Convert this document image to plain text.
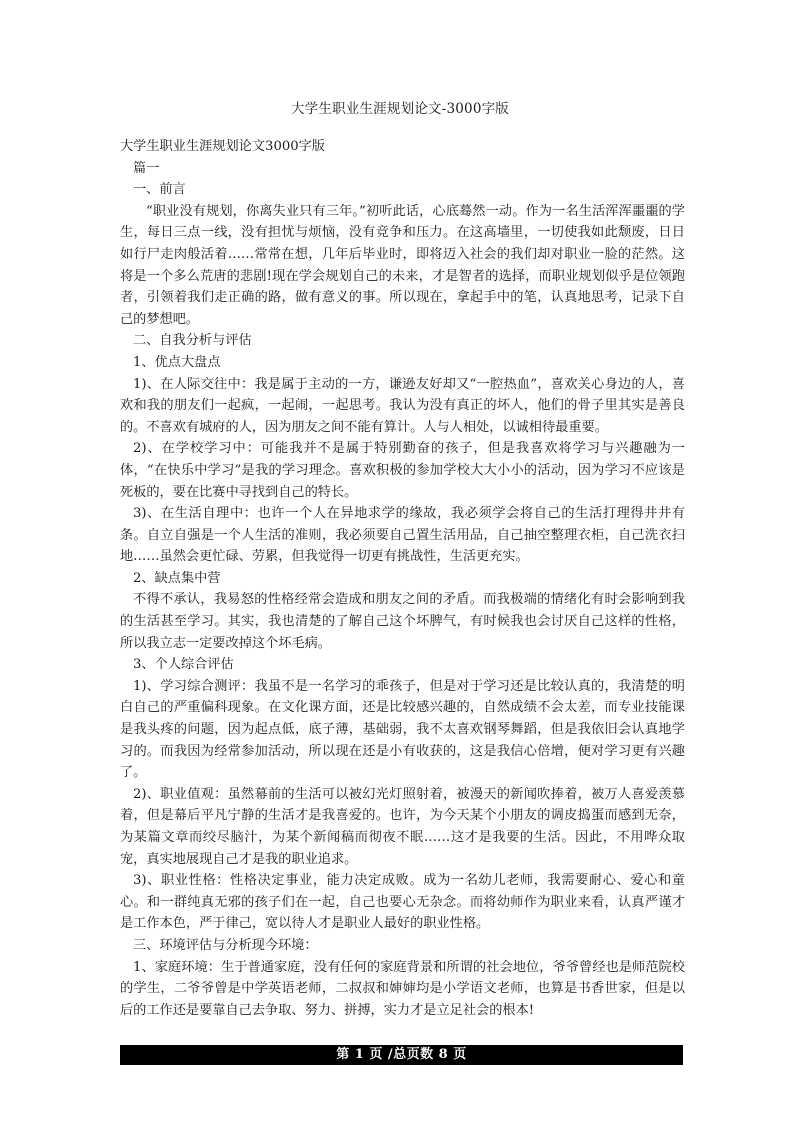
大学生职业生涯规划论文-3000字版

大学生职业生涯规划论文3000字版

篇一

一、前言

“职业没有规划，你离失业只有三年。”初听此话，心底蓦然一动。作为一名生活浑浑噩噩的学生，每日三点一线，没有担忧与烦恼，没有竞争和压力。在这高墙里，一切使我如此颓废，日日如行尸走肉般活着……常常在想，几年后毕业时，即将迈入社会的我们却对职业一脸的茫然。这将是一个多么荒唐的悲剧!现在学会规划自己的未来，才是智者的选择，而职业规划似乎是位领跑者，引领着我们走正确的路，做有意义的事。所以现在，拿起手中的笔，认真地思考，记录下自己的梦想吧。

二、自我分析与评估

1、优点大盘点

1)、在人际交往中：我是属于主动的一方，谦逊友好却又“一腔热血”，喜欢关心身边的人，喜欢和我的朋友们一起疯，一起闹，一起思考。我认为没有真正的坏人，他们的骨子里其实是善良的。不喜欢有城府的人，因为朋友之间不能有算计。人与人相处，以诚相待最重要。

2)、在学校学习中：可能我并不是属于特别勤奋的孩子，但是我喜欢将学习与兴趣融为一体，“在快乐中学习”是我的学习理念。喜欢积极的参加学校大大小小的活动，因为学习不应该是死板的，要在比赛中寻找到自己的特长。

3)、在生活自理中：也许一个人在异地求学的缘故，我必须学会将自己的生活打理得井井有条。自立自强是一个人生活的准则，我必须要自己置生活用品，自己抽空整理衣柜，自己洗衣扫地……虽然会更忙碌、劳累，但我觉得一切更有挑战性，生活更充实。

2、缺点集中营

不得不承认，我易怒的性格经常会造成和朋友之间的矛盾。而我极端的情绪化有时会影响到我的生活甚至学习。其实，我也清楚的了解自己这个坏脾气，有时候我也会讨厌自己这样的性格，所以我立志一定要改掉这个坏毛病。

3、个人综合评估

1)、学习综合测评：我虽不是一名学习的乖孩子，但是对于学习还是比较认真的，我清楚的明白自己的严重偏科现象。在文化课方面，还是比较感兴趣的，自然成绩不会太差，而专业技能课是我头疼的问题，因为起点低，底子薄，基础弱，我不太喜欢钢琴舞蹈，但是我依旧会认真地学习的。而我因为经常参加活动，所以现在还是小有收获的，这是我信心倍增，便对学习更有兴趣了。

2)、职业值观：虽然幕前的生活可以被幻光灯照射着，被漫天的新闻吹捧着，被万人喜爱羡慕着，但是幕后平凡宁静的生活才是我喜爱的。也许，为今天某个小朋友的调皮捣蛋而感到无奈，为某篇文章而绞尽脑汁，为某个新闻稿而彻夜不眠……这才是我要的生活。因此，不用哗众取宠，真实地展现自己才是我的职业追求。

3)、职业性格：性格决定事业，能力决定成败。成为一名幼儿老师，我需要耐心、爱心和童心。和一群纯真无邪的孩子们在一起，自己也要心无杂念。而将幼师作为职业来看，认真严谨才是工作本色，严于律己，宽以待人才是职业人最好的职业性格。

三、环境评估与分析现今环境：

1、家庭环境：生于普通家庭，没有任何的家庭背景和所谓的社会地位，爷爷曾经也是师范院校的学生，二爷爷曾是中学英语老师，二叔叔和婶婶均是小学语文老师，也算是书香世家，但是以后的工作还是要靠自己去争取、努力、拼搏，实力才是立足社会的根本!

第 1 页 /总页数 8 页
